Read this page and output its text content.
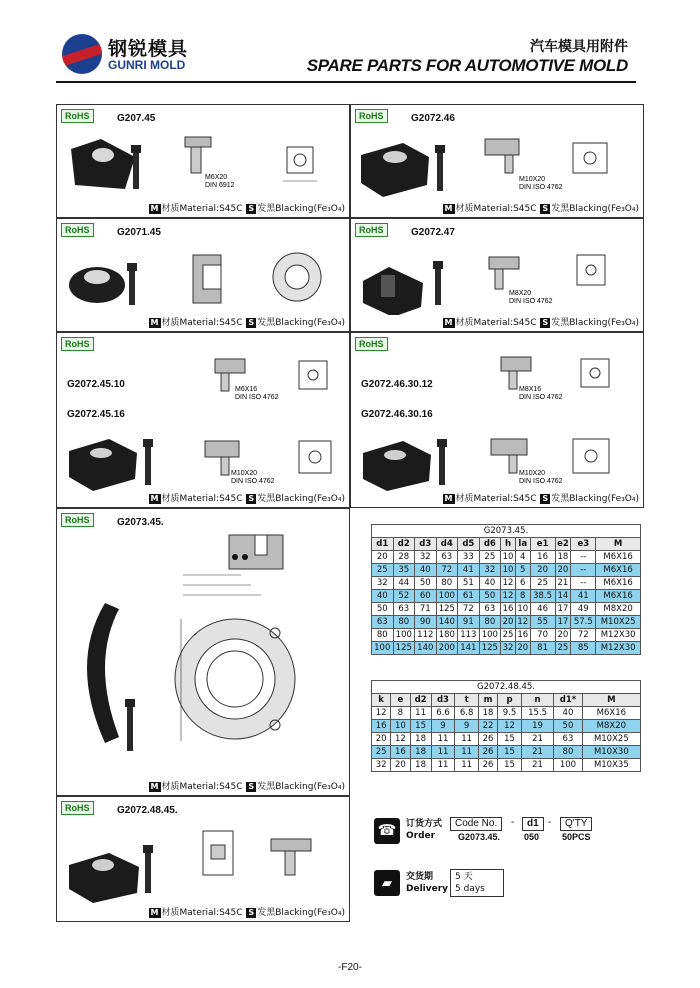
钢锐模具
GUNRI MOLD
汽车模具用附件
SPARE PARTS FOR AUTOMOTIVE MOLD
RoHS	G207.45
M6X20
DIN 6912
M 材质Material:S45C S 发黑Blacking(Fe₃O₄)
RoHS	G2072.46
M10X20
DIN ISO 4762
M 材质Material:S45C S 发黑Blacking(Fe₃O₄)
RoHS	G2071.45
M 材质Material:S45C S 发黑Blacking(Fe₃O₄)
RoHS	G2072.47
M8X20
DIN ISO 4762
M 材质Material:S45C S 发黑Blacking(Fe₃O₄)
RoHS
G2072.45.10
G2072.45.16
M6X16
DIN ISO 4762
M10X20
DIN ISO 4762
M 材质Material:S45C S 发黑Blacking(Fe₃O₄)
RoHS
G2072.46.30.12
G2072.46.30.16
M8X16
DIN ISO 4762
M10X20
DIN ISO 4762
M 材质Material:S45C S 发黑Blacking(Fe₃O₄)
RoHS	G2073.45.
M 材质Material:S45C S 发黑Blacking(Fe₃O₄)
RoHS	G2072.48.45.
M 材质Material:S45C S 发黑Blacking(Fe₃O₄)
G2073.45.											
d1	d2	d3	d4	d5	d6	h	la	e1	e2	e3	M
20	28	32	63	33	25	10	4	16	18	--	M6X16
25	35	40	72	41	32	10	5	20	20	--	M6X16
32	44	50	80	51	40	12	6	25	21	--	M6X16
40	52	60	100	61	50	12	8	38.5	14	41	M6X16
50	63	71	125	72	63	16	10	46	17	49	M8X20
63	80	90	140	91	80	20	12	55	17	57.5	M10X25
80	100	112	180	113	100	25	16	70	20	72	M12X30
100	125	140	200	141	125	32	20	81	25	85	M12X30
G2072.48.45.									
k	e	d2	d3	t	m	p	n	d1*	M
12	8	11	6.6	6.8	18	9.5	15.5	40	M6X16
16	10	15	9	9	22	12	19	50	M8X20
20	12	18	11	11	26	15	21	63	M10X25
25	16	18	11	11	26	15	21	80	M10X30
32	20	18	11	11	26	15	21	100	M10X35
☎	订货方式
Order
Code No.	-	d1 -	Q'TY
G2073.45.	050	50PCS
▰	交货期
Delivery
5 天
5 days
-F20-
